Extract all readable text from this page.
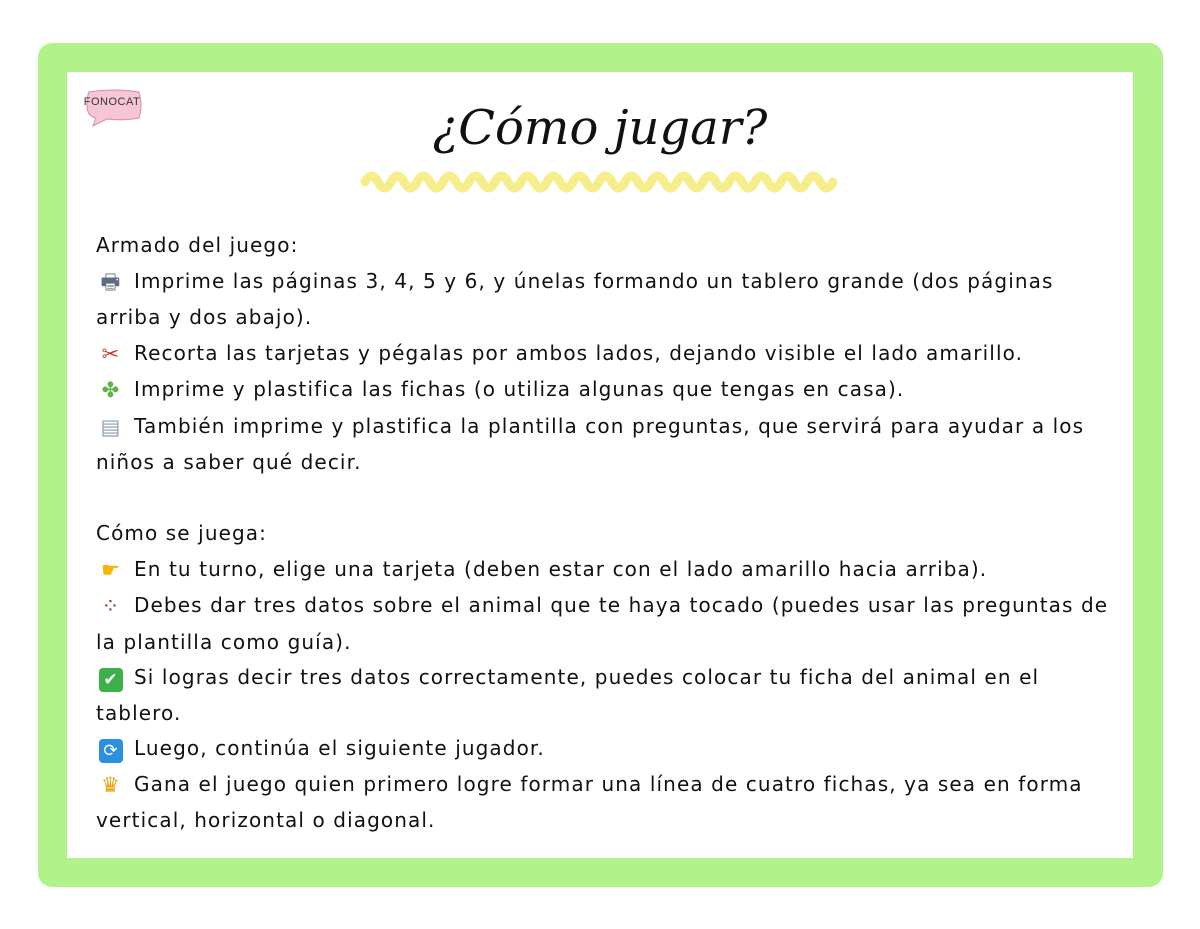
FONOCAT	¿Cómo jugar?

Armado del juego:

🖶 Imprime las páginas 3, 4, 5 y 6, y únelas formando un tablero grande (dos páginas arriba y dos abajo).

✂ Recorta las tarjetas y pégalas por ambos lados, dejando visible el lado amarillo.

✤ Imprime y plastifica las fichas (o utiliza algunas que tengas en casa).

▤ También imprime y plastifica la plantilla con preguntas, que servirá para ayudar a los niños a saber qué decir.

Cómo se juega:

☛ En tu turno, elige una tarjeta (deben estar con el lado amarillo hacia arriba).

⁘ Debes dar tres datos sobre el animal que te haya tocado (puedes usar las preguntas de la plantilla como guía).

✔ Si logras decir tres datos correctamente, puedes colocar tu ficha del animal en el tablero.

⟳ Luego, continúa el siguiente jugador.

♛ Gana el juego quien primero logre formar una línea de cuatro fichas, ya sea en forma vertical, horizontal o diagonal.
